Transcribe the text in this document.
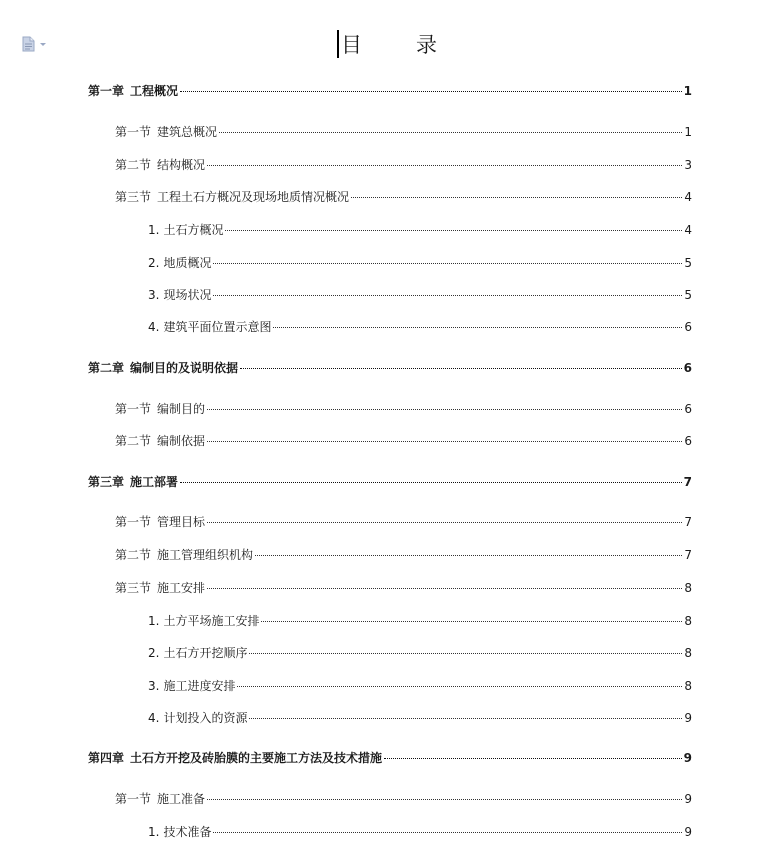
目 录
第一章 工程概况	1
第一节 建筑总概况	1
第二节 结构概况	3
第三节 工程土石方概况及现场地质情况概况	4
1. 土石方概况	4
2. 地质概况	5
3. 现场状况	5
4. 建筑平面位置示意图	6
第二章 编制目的及说明依据	6
第一节 编制目的	6
第二节 编制依据	6
第三章 施工部署	7
第一节 管理目标	7
第二节 施工管理组织机构	7
第三节 施工安排	8
1. 土方平场施工安排	8
2. 土石方开挖顺序	8
3. 施工进度安排	8
4. 计划投入的资源	9
第四章 土石方开挖及砖胎膜的主要施工方法及技术措施	9
第一节 施工准备	9
1. 技术准备	9
